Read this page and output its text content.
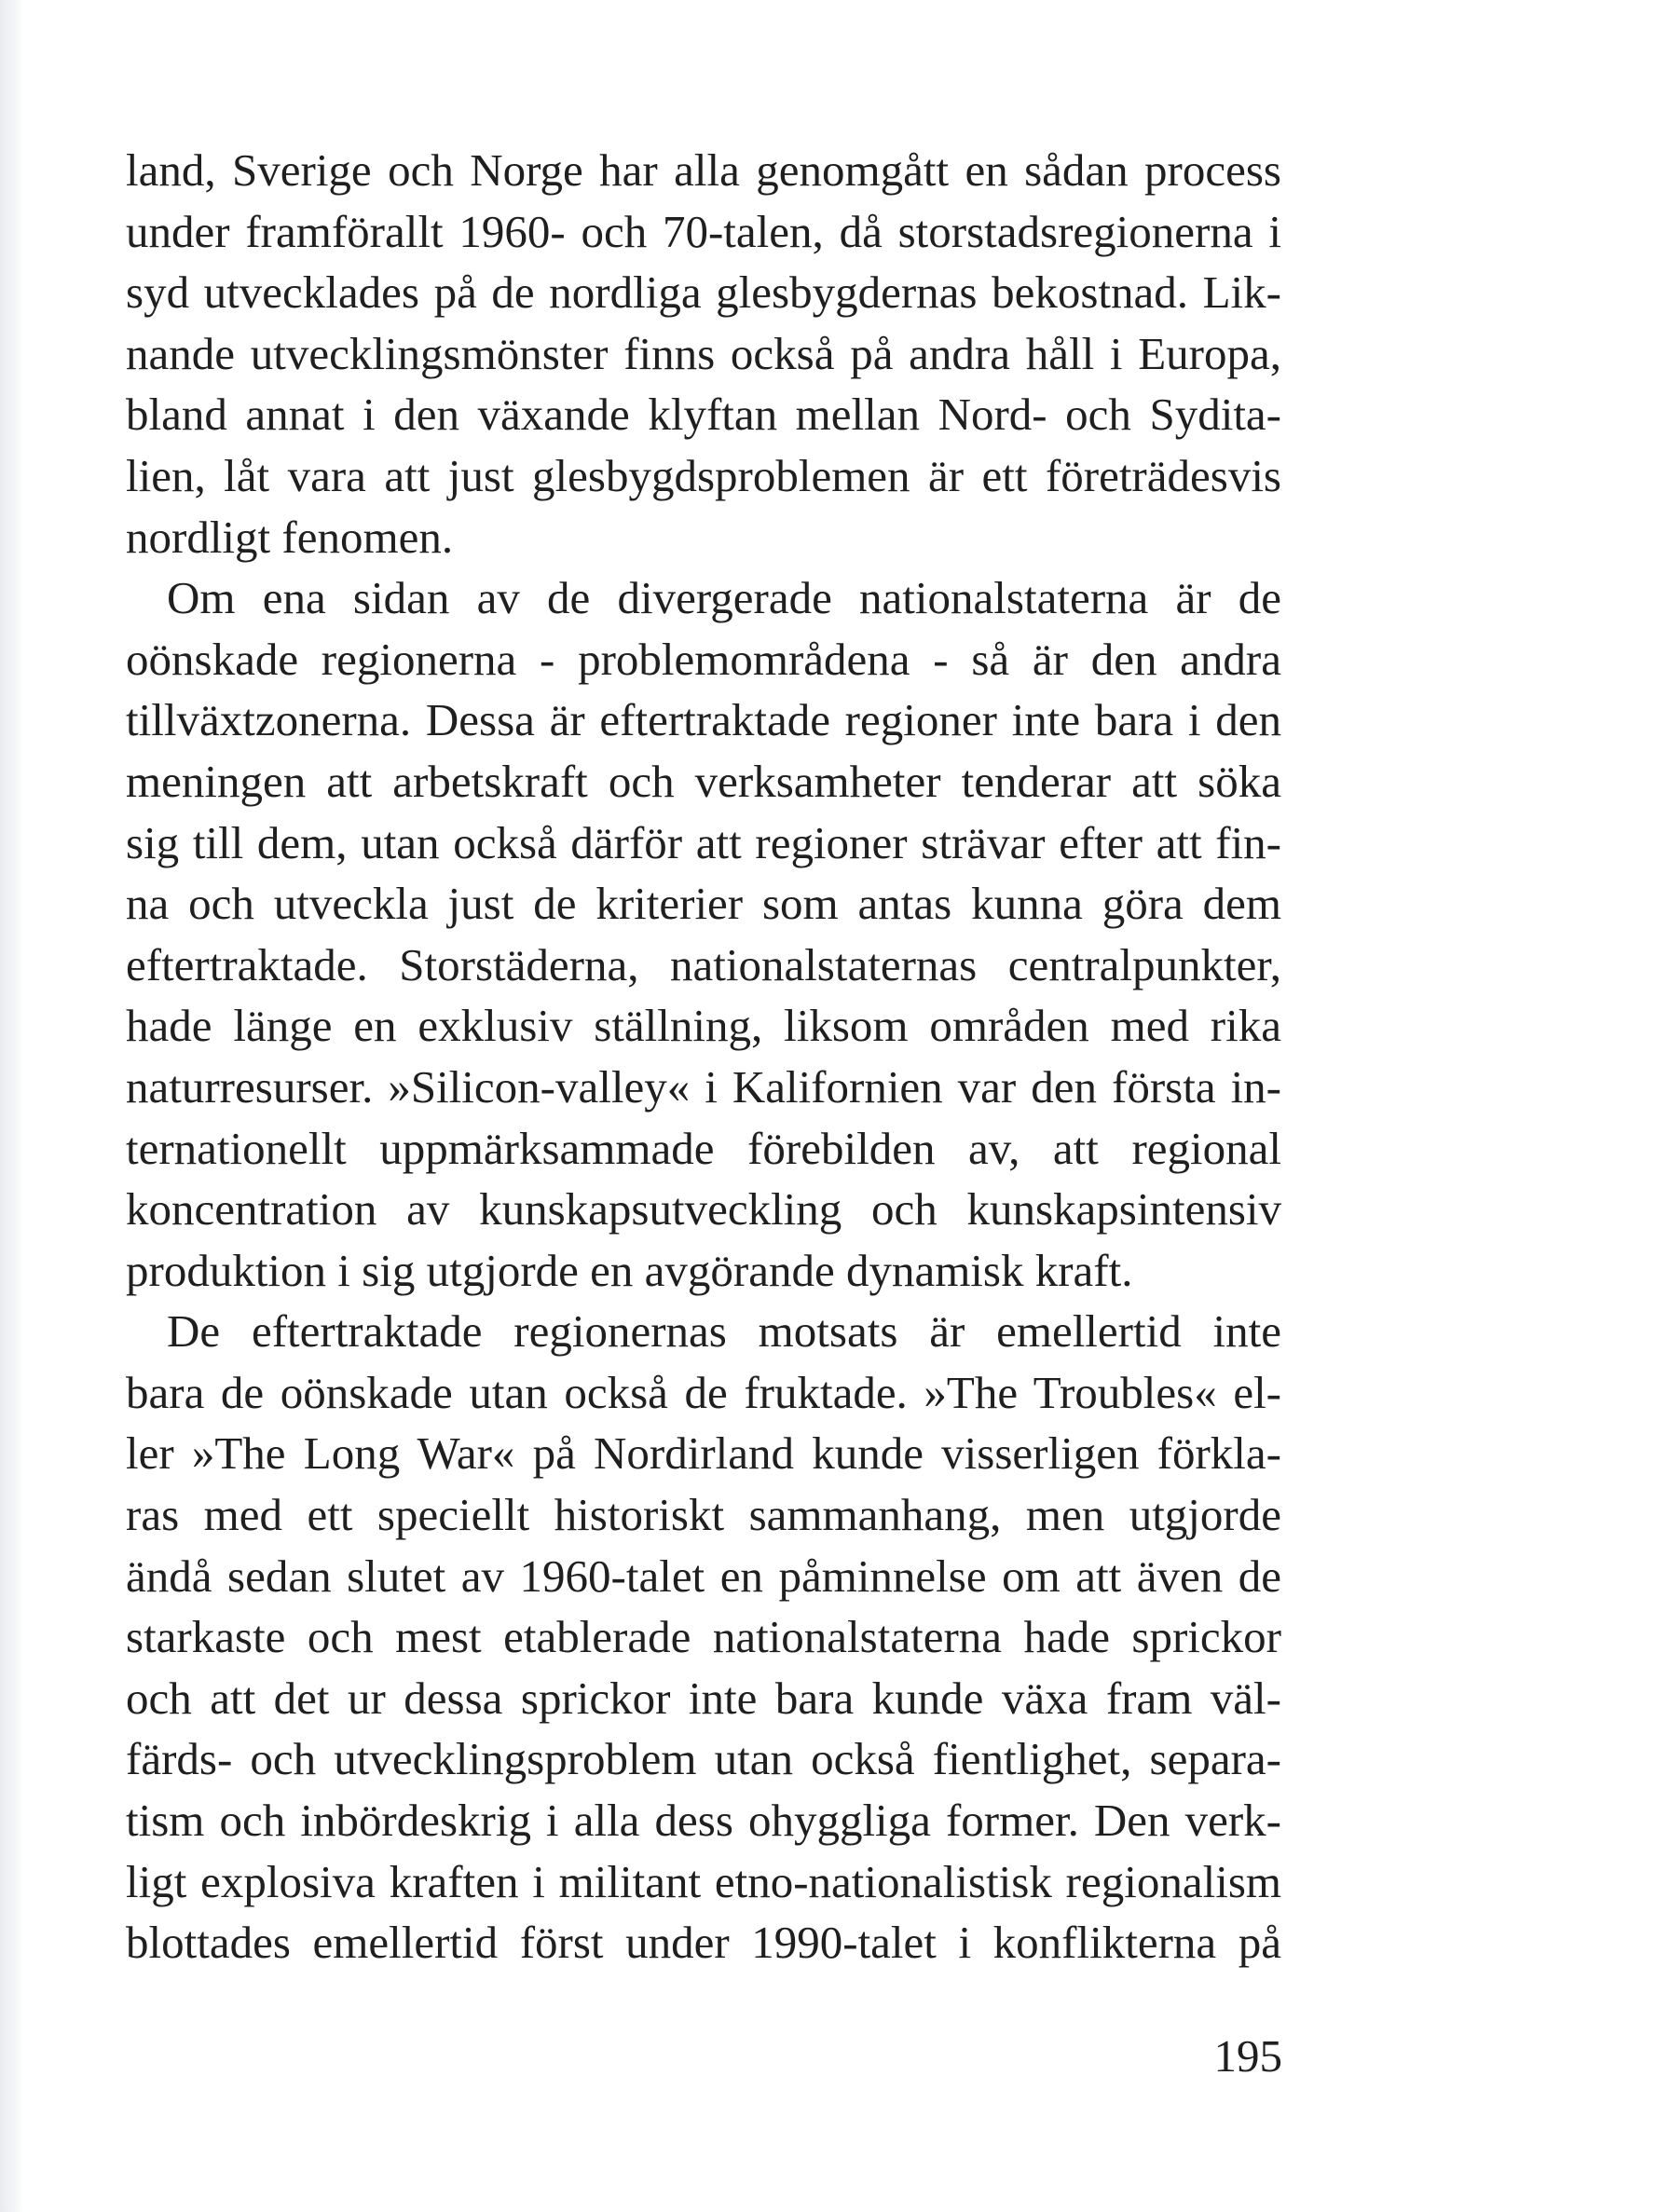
land, Sverige och Norge har alla genomgått en sådan process
under framförallt 1960- och 70-talen, då storstadsregionerna i
syd utvecklades på de nordliga glesbygdernas bekostnad. Lik-
nande utvecklingsmönster finns också på andra håll i Europa,
bland annat i den växande klyftan mellan Nord- och Sydita-
lien, låt vara att just glesbygdsproblemen är ett företrädesvis
nordligt fenomen.
Om ena sidan av de divergerade nationalstaterna är de
oönskade regionerna - problemområdena - så är den andra
tillväxtzonerna. Dessa är eftertraktade regioner inte bara i den
meningen att arbetskraft och verksamheter tenderar att söka
sig till dem, utan också därför att regioner strävar efter att fin-
na och utveckla just de kriterier som antas kunna göra dem
eftertraktade. Storstäderna, nationalstaternas centralpunkter,
hade länge en exklusiv ställning, liksom områden med rika
naturresurser. »Silicon-valley« i Kalifornien var den första in-
ternationellt uppmärksammade förebilden av, att regional
koncentration av kunskapsutveckling och kunskapsintensiv
produktion i sig utgjorde en avgörande dynamisk kraft.
De eftertraktade regionernas motsats är emellertid inte
bara de oönskade utan också de fruktade. »The Troubles« el-
ler »The Long War« på Nordirland kunde visserligen förkla-
ras med ett speciellt historiskt sammanhang, men utgjorde
ändå sedan slutet av 1960-talet en påminnelse om att även de
starkaste och mest etablerade nationalstaterna hade sprickor
och att det ur dessa sprickor inte bara kunde växa fram väl-
färds- och utvecklingsproblem utan också fientlighet, separa-
tism och inbördeskrig i alla dess ohyggliga former. Den verk-
ligt explosiva kraften i militant etno-nationalistisk regionalism
blottades emellertid först under 1990-talet i konflikterna på
195
